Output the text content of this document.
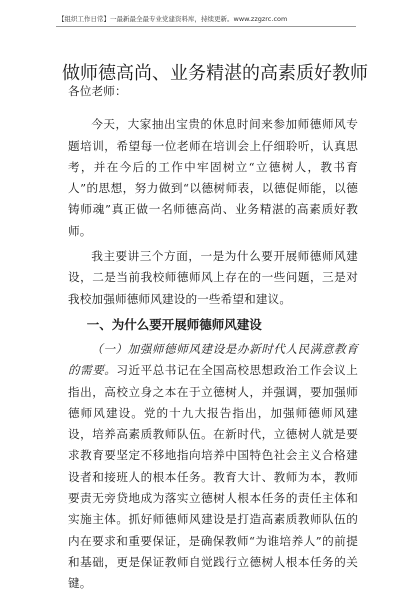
【组织工作日常】一最新最全最专业党建资料库，持续更新。www.zzgzrc.com
做师德高尚、业务精湛的高素质好教师

各位老师：

今天，大家抽出宝贵的休息时间来参加师德师风专题培训，希望每一位老师在培训会上仔细聆听，认真思考，并在今后的工作中牢固树立“立德树人，教书育人”的思想，努力做到“以德树师表，以德促师能，以德铸师魂”真正做一名师德高尚、业务精湛的高素质好教师。

我主要讲三个方面，一是为什么要开展师德师风建设，二是当前我校师德师风上存在的一些问题，三是对我校加强师德师风建设的一些希望和建议。

一、为什么要开展师德师风建设

（一）加强师德师风建设是办新时代人民满意教育的需要。习近平总书记在全国高校思想政治工作会议上指出，高校立身之本在于立德树人，并强调，要加强师德师风建设。党的十九大报告指出，加强师德师风建设，培养高素质教师队伍。在新时代，立德树人就是要求教育要坚定不移地指向培养中国特色社会主义合格建设者和接班人的根本任务。教育大计、教师为本，教师要责无旁贷地成为落实立德树人根本任务的责任主体和实施主体。抓好师德师风建设是打造高素质教师队伍的内在要求和重要保证，是确保教师“为谁培养人”的前提和基础，更是保证教师自觉践行立德树人根本任务的关键。
